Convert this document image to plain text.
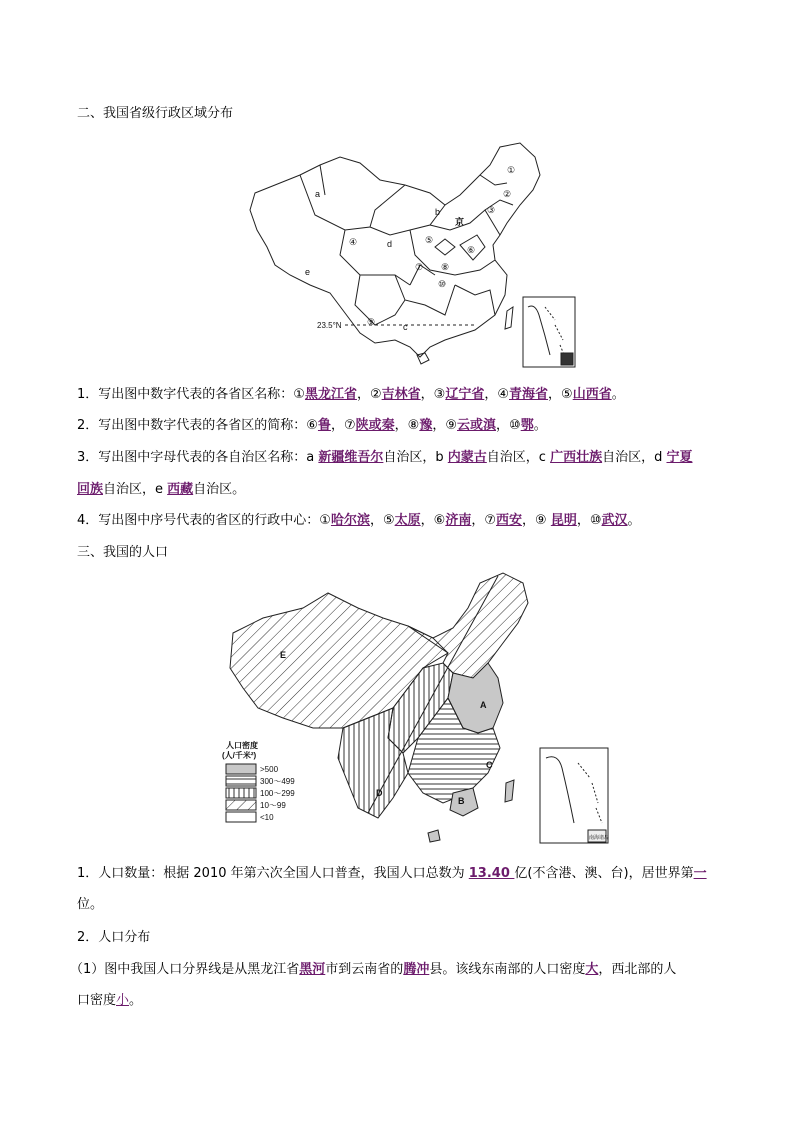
二、我国省级行政区域分布
①
②
③
④	⑤
⑥
⑦ ⑧
⑨
⑩
a
b
c
d
e
京
23.5°N
1．写出图中数字代表的各省区名称：①黑龙江省，②吉林省，③辽宁省，④青海省，⑤山西省。
2．写出图中数字代表的各省区的简称：⑥鲁，⑦陕或秦，⑧豫，⑨云或滇，⑩鄂。
3．写出图中字母代表的各自治区名称：a 新疆维吾尔自治区，b 内蒙古自治区，c 广西壮族自治区，d 宁夏
回族自治区，e 西藏自治区。
4．写出图中序号代表的省区的行政中心：①哈尔滨，⑤太原，⑥济南，⑦西安，⑨ 昆明，⑩武汉。
三、我国的人口
E
A
B
C
D
人口密度
(人/千米²)
>500
300～499
100～299
10～99
<10
南海诸岛
1．人口数量：根据 2010 年第六次全国人口普查，我国人口总数为 13.40 亿(不含港、澳、台)，居世界第一
位。
2．人口分布
（1）图中我国人口分界线是从黑龙江省黑河市到云南省的腾冲县。该线东南部的人口密度大，西北部的人
口密度小。
